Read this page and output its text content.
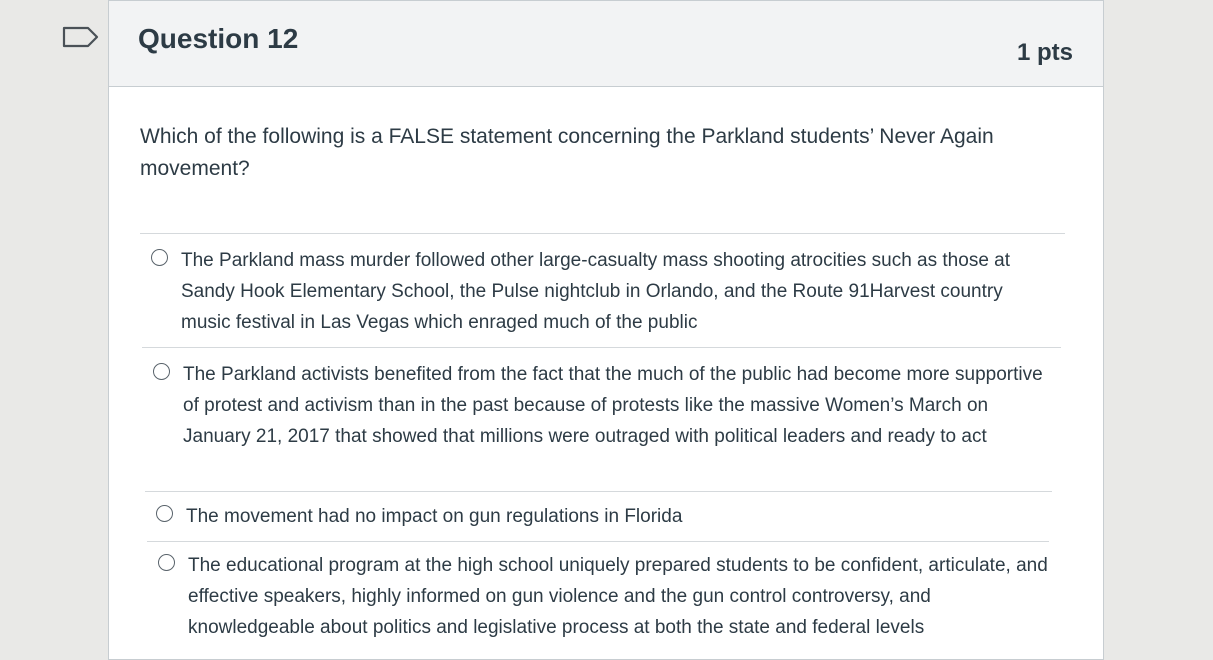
Question 12	1 pts
Which of the following is a FALSE statement concerning the Parkland students’ Never Again movement?
The Parkland mass murder followed other large-casualty mass shooting atrocities such as those at Sandy Hook Elementary School, the Pulse nightclub in Orlando, and the Route 91Harvest country music festival in Las Vegas which enraged much of the public
The Parkland activists benefited from the fact that the much of the public had become more supportive of protest and activism than in the past because of protests like the massive Women’s March on January 21, 2017 that showed that millions were outraged with political leaders and ready to act
The movement had no impact on gun regulations in Florida
The educational program at the high school uniquely prepared students to be confident, articulate, and effective speakers, highly informed on gun violence and the gun control controversy, and knowledgeable about politics and legislative process at both the state and federal levels
